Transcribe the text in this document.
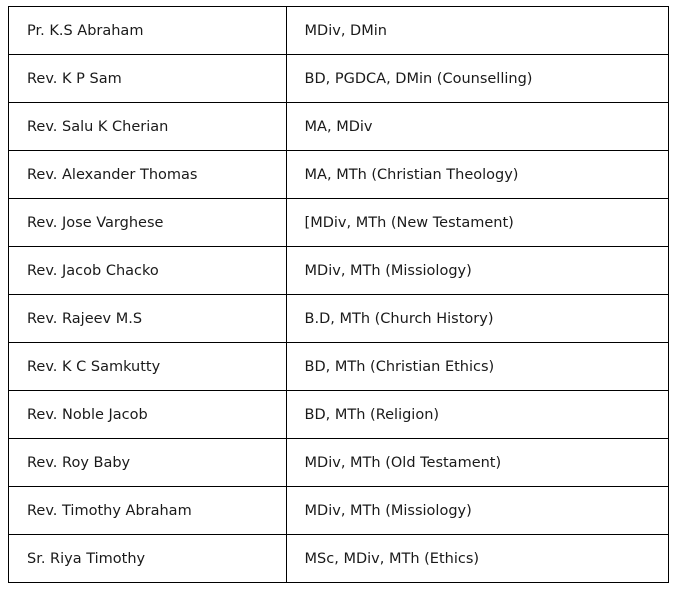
Pr. K.S Abraham	MDiv, DMin
Rev. K P Sam	BD, PGDCA, DMin (Counselling)
Rev. Salu K Cherian	MA, MDiv
Rev. Alexander Thomas	MA, MTh (Christian Theology)
Rev. Jose Varghese	[MDiv, MTh (New Testament)
Rev. Jacob Chacko	MDiv, MTh (Missiology)
Rev. Rajeev M.S	B.D, MTh (Church History)
Rev. K C Samkutty	BD, MTh (Christian Ethics)
Rev. Noble Jacob	BD, MTh (Religion)
Rev. Roy Baby	MDiv, MTh (Old Testament)
Rev. Timothy Abraham	MDiv, MTh (Missiology)
Sr. Riya Timothy	MSc, MDiv, MTh (Ethics)
